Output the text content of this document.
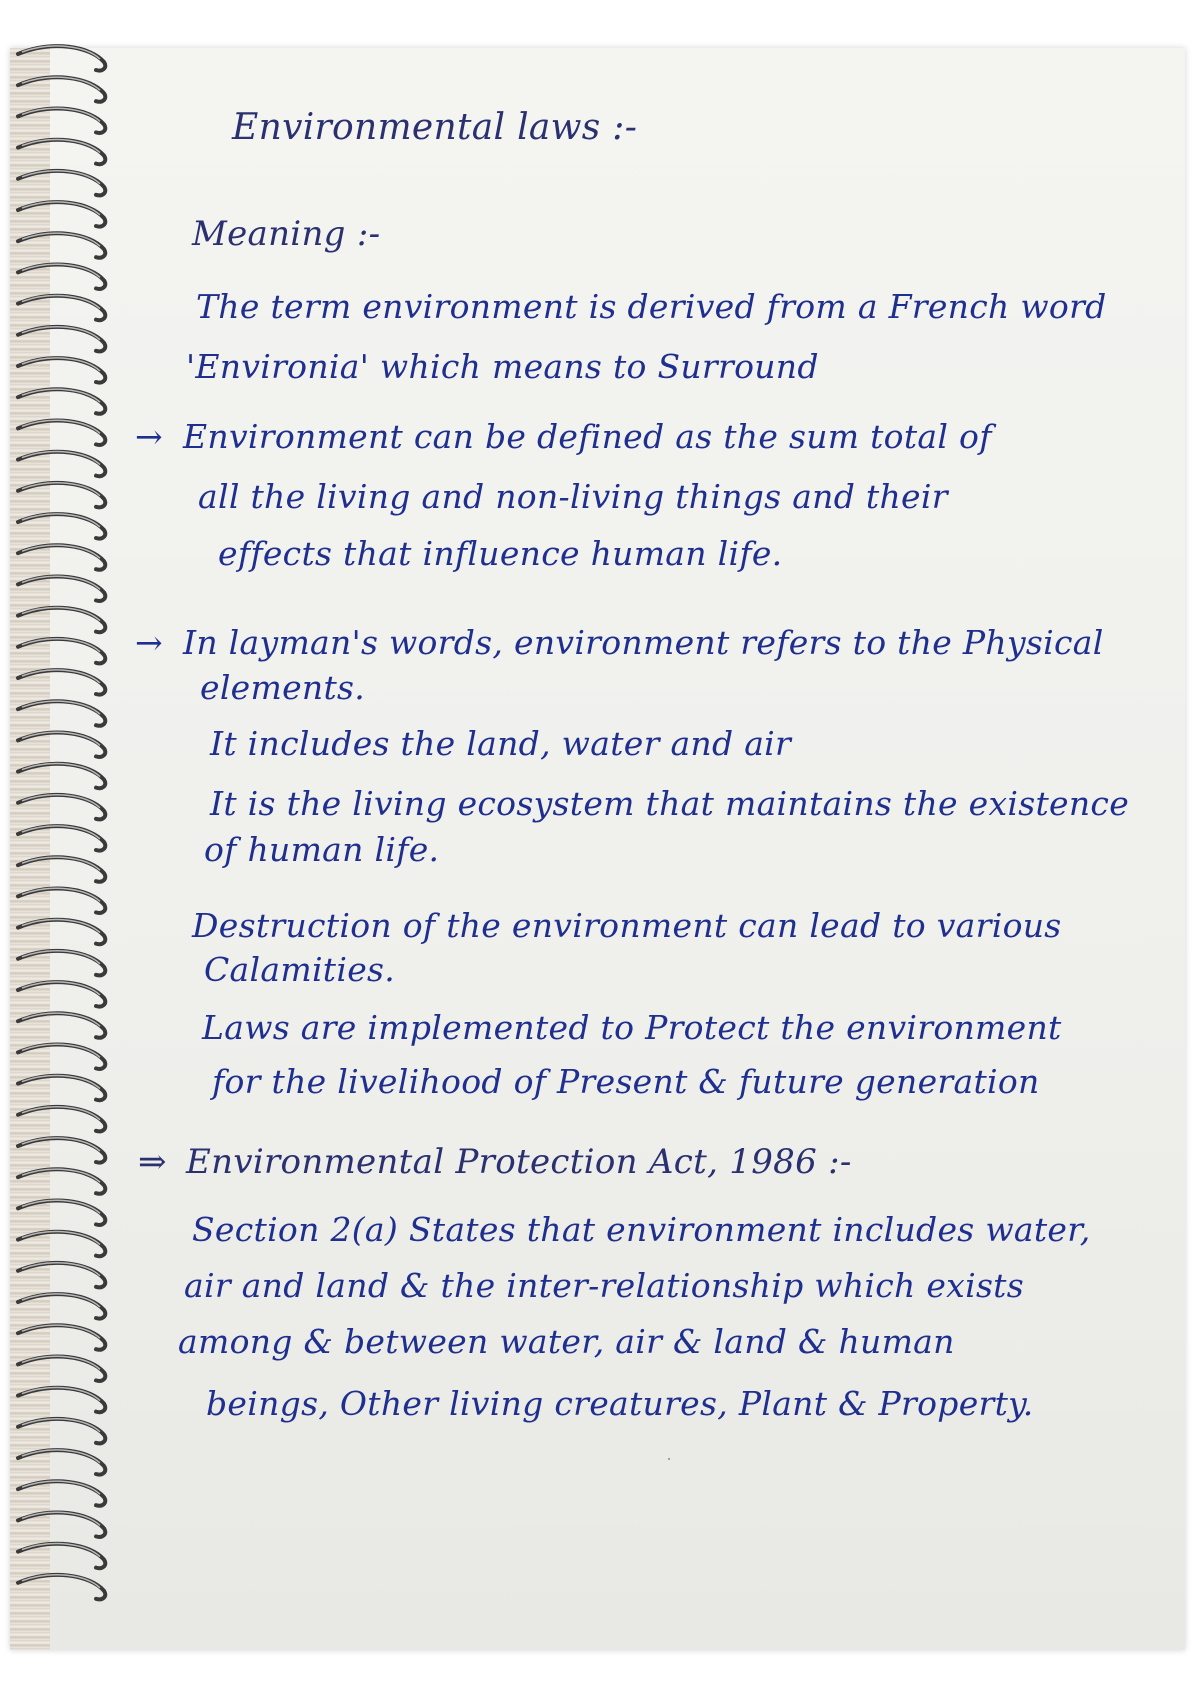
Environmental laws :-
Meaning :-
The term environment is derived from a French word
'Environia' which means to Surround
→ Environment can be defined as the sum total of
all the living and non-living things and their
effects that influence human life.
→ In layman's words, environment refers to the Physical
elements.
It includes the land, water and air
It is the living ecosystem that maintains the existence
of human life.
Destruction of the environment can lead to various
Calamities.
Laws are implemented to Protect the environment
for the livelihood of Present & future generation
⇒ Environmental Protection Act, 1986 :-
Section 2(a) States that environment includes water,
air and land & the inter-relationship which exists
among & between water, air & land & human
beings, Other living creatures, Plant & Property.
